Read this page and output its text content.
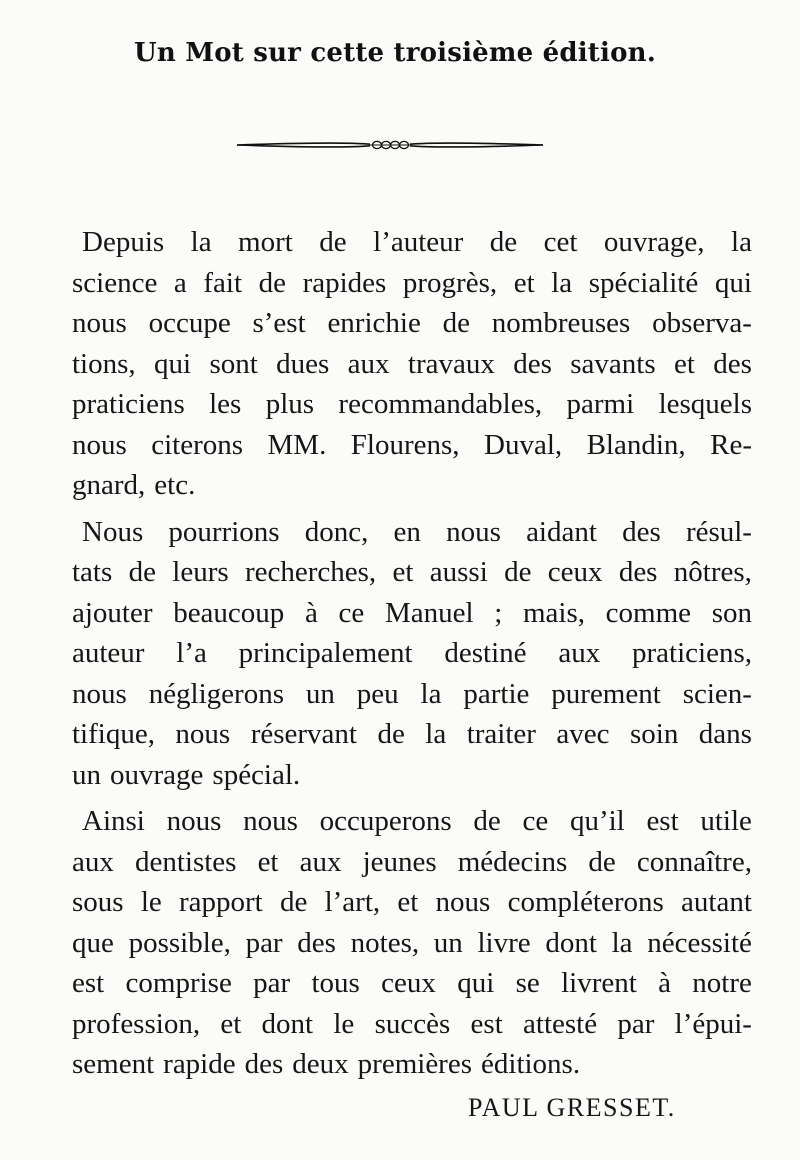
Un Mot sur cette troisième édition.
Depuis la mort de l’auteur de cet ouvrage, la
science a fait de rapides progrès, et la spécialité qui
nous occupe s’est enrichie de nombreuses observa-
tions, qui sont dues aux travaux des savants et des
praticiens les plus recommandables, parmi lesquels
nous citerons MM. Flourens, Duval, Blandin, Re-
gnard, etc.
Nous pourrions donc, en nous aidant des résul-
tats de leurs recherches, et aussi de ceux des nôtres,
ajouter beaucoup à ce Manuel ; mais, comme son
auteur l’a principalement destiné aux praticiens,
nous négligerons un peu la partie purement scien-
tifique, nous réservant de la traiter avec soin dans
un ouvrage spécial.
Ainsi nous nous occuperons de ce qu’il est utile
aux dentistes et aux jeunes médecins de connaître,
sous le rapport de l’art, et nous compléterons autant
que possible, par des notes, un livre dont la nécessité
est comprise par tous ceux qui se livrent à notre
profession, et dont le succès est attesté par l’épui-
sement rapide des deux premières éditions.
PAUL GRESSET.
